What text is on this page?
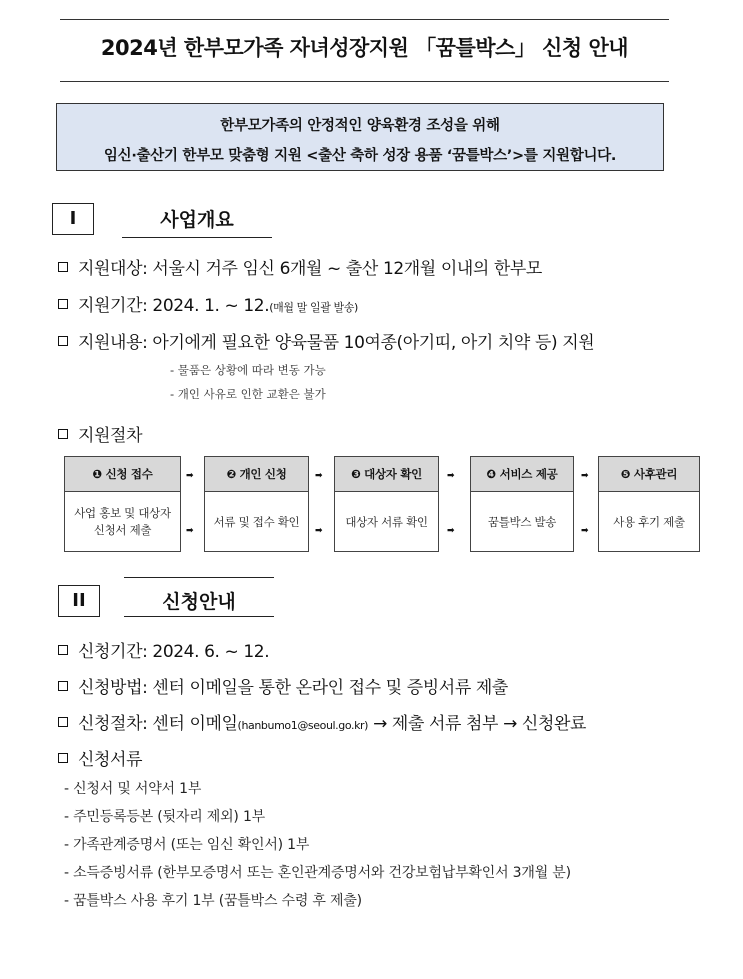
2024년 한부모가족 자녀성장지원 「꿈틀박스」 신청 안내
한부모가족의 안정적인 양육환경 조성을 위해
임신·출산기 한부모 맞춤형 지원 <출산 축하 성장 용품 ‘꿈틀박스’>를 지원합니다.
I	사업개요
지원대상: 서울시 거주 임신 6개월 ~ 출산 12개월 이내의 한부모
지원기간: 2024. 1. ~ 12.(매월 말 일괄 발송)
지원내용: 아기에게 필요한 양육물품 10여종(아기띠, 아기 치약 등) 지원
- 물품은 상황에 따라 변동 가능
- 개인 사유로 인한 교환은 불가
지원절차
❶ 신청 접수
사업 홍보 및 대상자 신청서 제출
➡
➡
❷ 개인 신청
서류 및 접수 확인
➡
➡
❸ 대상자 확인
대상자 서류 확인
➡
➡
❹ 서비스 제공
꿈틀박스 발송
➡
➡
❺ 사후관리
사용 후기 제출
II	신청안내
신청기간: 2024. 6. ~ 12.
신청방법: 센터 이메일을 통한 온라인 접수 및 증빙서류 제출
신청절차: 센터 이메일(hanbumo1@seoul.go.kr) → 제출 서류 첨부 → 신청완료
신청서류
- 신청서 및 서약서 1부
- 주민등록등본 (뒷자리 제외) 1부
- 가족관계증명서 (또는 임신 확인서) 1부
- 소득증빙서류 (한부모증명서 또는 혼인관계증명서와 건강보험납부확인서 3개월 분)
- 꿈틀박스 사용 후기 1부 (꿈틀박스 수령 후 제출)
